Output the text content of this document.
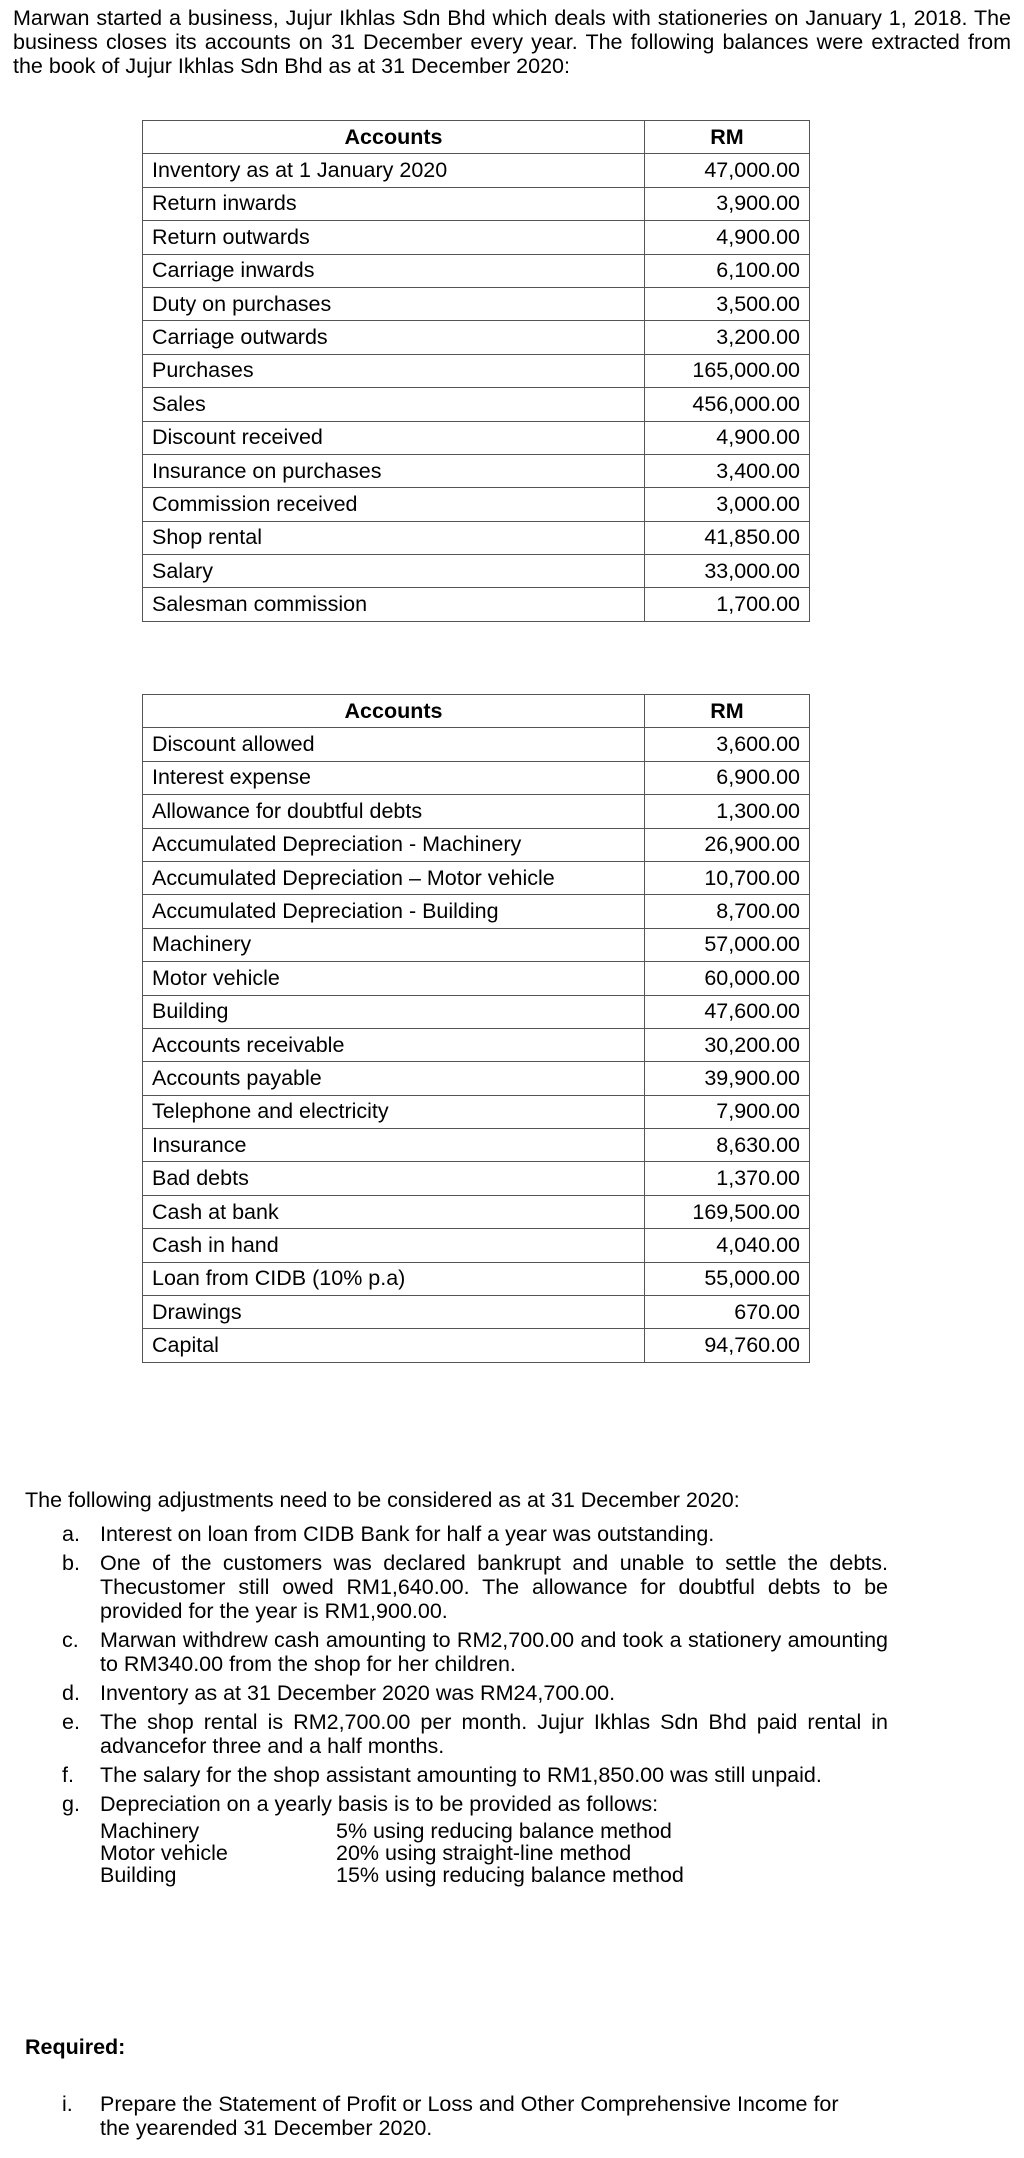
Marwan started a business, Jujur Ikhlas Sdn Bhd which deals with stationeries on January 1, 2018. The business closes its accounts on 31 December every year. The following balances were extracted from the book of Jujur Ikhlas Sdn Bhd as at 31 December 2020:

Accounts	RM
Inventory as at 1 January 2020	47,000.00
Return inwards	3,900.00
Return outwards	4,900.00
Carriage inwards	6,100.00
Duty on purchases	3,500.00
Carriage outwards	3,200.00
Purchases	165,000.00
Sales	456,000.00
Discount received	4,900.00
Insurance on purchases	3,400.00
Commission received	3,000.00
Shop rental	41,850.00
Salary	33,000.00
Salesman commission	1,700.00
Accounts	RM
Discount allowed	3,600.00
Interest expense	6,900.00
Allowance for doubtful debts	1,300.00
Accumulated Depreciation - Machinery	26,900.00
Accumulated Depreciation – Motor vehicle	10,700.00
Accumulated Depreciation - Building	8,700.00
Machinery	57,000.00
Motor vehicle	60,000.00
Building	47,600.00
Accounts receivable	30,200.00
Accounts payable	39,900.00
Telephone and electricity	7,900.00
Insurance	8,630.00
Bad debts	1,370.00
Cash at bank	169,500.00
Cash in hand	4,040.00
Loan from CIDB (10% p.a)	55,000.00
Drawings	670.00
Capital	94,760.00

The following adjustments need to be considered as at 31 December 2020:

a. Interest on loan from CIDB Bank for half a year was outstanding.
b. One of the customers was declared bankrupt and unable to settle the debts. Thecustomer still owed RM1,640.00. The allowance for doubtful debts to be provided for the year is RM1,900.00.
c. Marwan withdrew cash amounting to RM2,700.00 and took a stationery amounting to RM340.00 from the shop for her children.
d. Inventory as at 31 December 2020 was RM24,700.00.
e. The shop rental is RM2,700.00 per month. Jujur Ikhlas Sdn Bhd paid rental in advancefor three and a half months.
f. The salary for the shop assistant amounting to RM1,850.00 was still unpaid.
g. Depreciation on a yearly basis is to be provided as follows:
Machinery	5% using reducing balance method
Motor vehicle	20% using straight-line method
Building	15% using reducing balance method

Required:

i. Prepare the Statement of Profit or Loss and Other Comprehensive Income for the yearended 31 December 2020.
